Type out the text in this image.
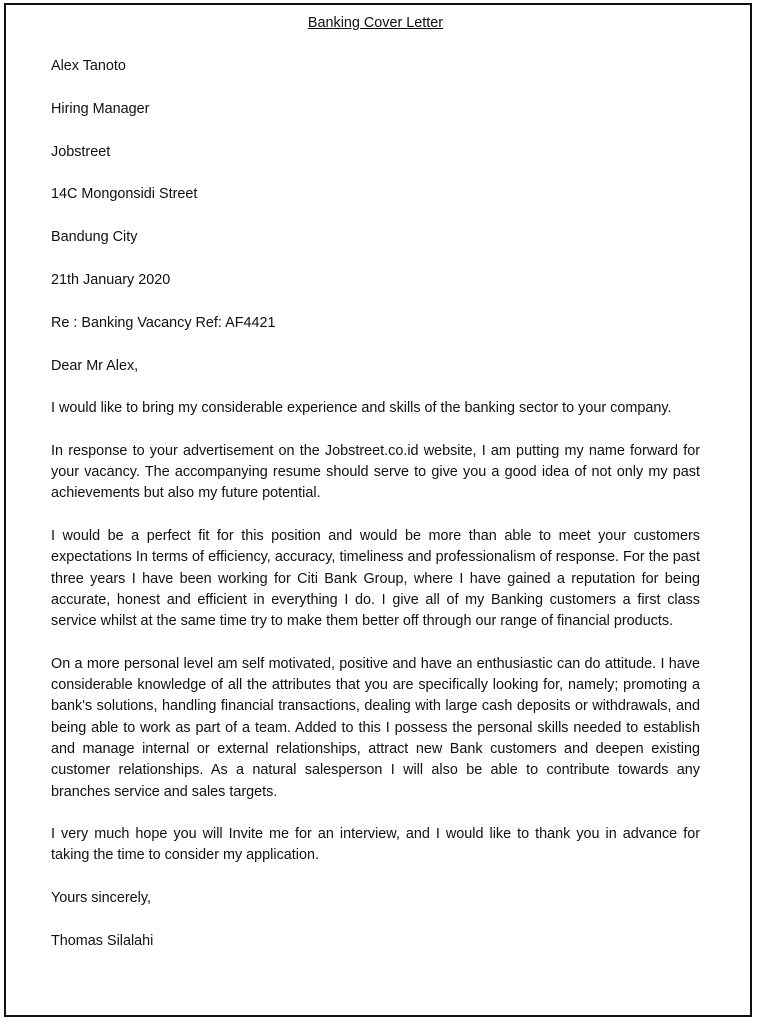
Banking Cover Letter

Alex Tanoto

Hiring Manager

Jobstreet

14C Mongonsidi Street

Bandung City

21th January 2020

Re : Banking Vacancy Ref: AF4421

Dear Mr Alex,

I would like to bring my considerable experience and skills of the banking sector to your company.

In response to your advertisement on the Jobstreet.co.id website, I am putting my name forward for your vacancy. The accompanying resume should serve to give you a good idea of not only my past achievements but also my future potential.

I would be a perfect fit for this position and would be more than able to meet your customers expectations In terms of efficiency, accuracy, timeliness and professionalism of response. For the past three years I have been working for Citi Bank Group, where I have gained a reputation for being accurate, honest and efficient in everything I do. I give all of my Banking customers a first class service whilst at the same time try to make them better off through our range of financial products.

On a more personal level am self motivated, positive and have an enthusiastic can do attitude. I have considerable knowledge of all the attributes that you are specifically looking for, namely; promoting a bank's solutions, handling financial transactions, dealing with large cash deposits or withdrawals, and being able to work as part of a team. Added to this I possess the personal skills needed to establish and manage internal or external relationships, attract new Bank customers and deepen existing customer relationships. As a natural salesperson I will also be able to contribute towards any branches service and sales targets.

I very much hope you will Invite me for an interview, and I would like to thank you in advance for taking the time to consider my application.

Yours sincerely,

Thomas Silalahi
